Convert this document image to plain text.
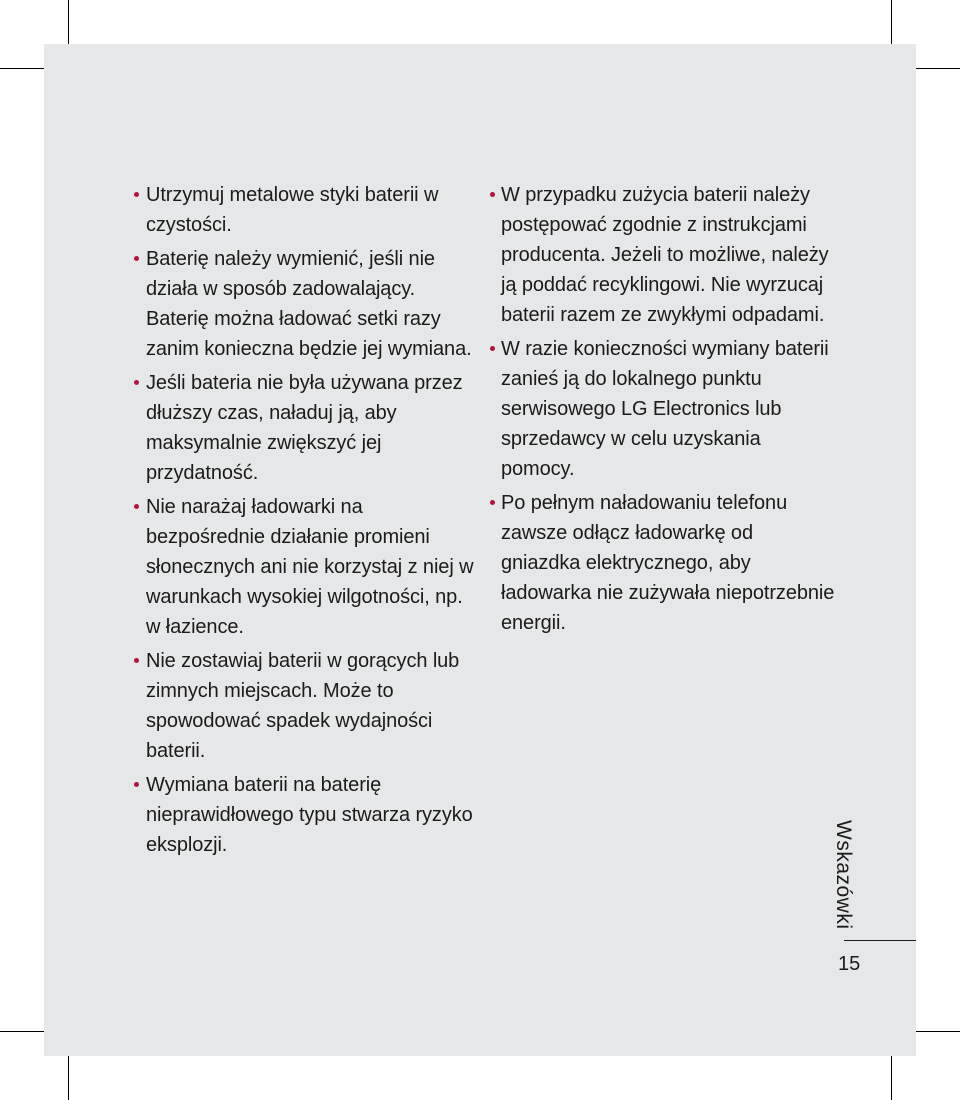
Utrzymuj metalowe styki baterii w czystości.
Baterię należy wymienić, jeśli nie działa w sposób zadowalający. Baterię można ładować setki razy zanim konieczna będzie jej wymiana.
Jeśli bateria nie była używana przez dłuższy czas, naładuj ją, aby maksymalnie zwiększyć jej przydatność.
Nie narażaj ładowarki na bezpośrednie działanie promieni słonecznych ani nie korzystaj z niej w warunkach wysokiej wilgotności, np. w łazience.
Nie zostawiaj baterii w gorących lub zimnych miejscach. Może to spowodować spadek wydajności baterii.
Wymiana baterii na baterię nieprawidłowego typu stwarza ryzyko eksplozji.
W przypadku zużycia baterii należy postępować zgodnie z instrukcjami producenta. Jeżeli to możliwe, należy ją poddać recyklingowi. Nie wyrzucaj baterii razem ze zwykłymi odpadami.
W razie konieczności wymiany baterii zanieś ją do lokalnego punktu serwisowego LG Electronics lub sprzedawcy w celu uzyskania pomocy.
Po pełnym naładowaniu telefonu zawsze odłącz ładowarkę od gniazdka elektrycznego, aby ładowarka nie zużywała niepotrzebnie energii.
Wskazówki
15
